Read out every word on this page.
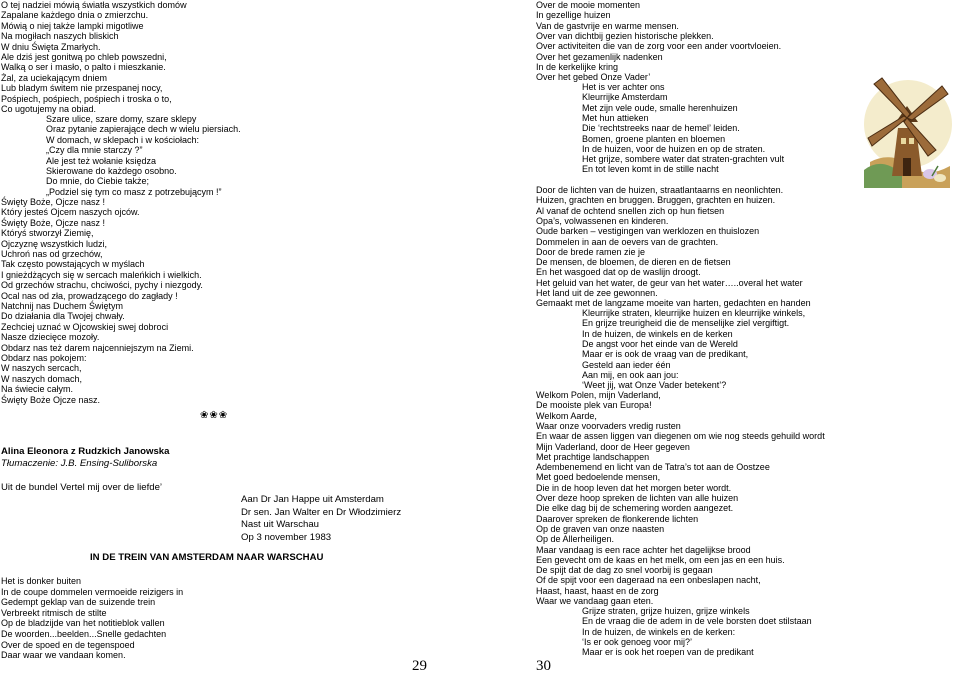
O tej nadziei mówią światła wszystkich domów
Zapalane każdego dnia o zmierzchu.
Mówią o niej także lampki migotliwe
Na mogiłach naszych bliskich
W dniu Święta Zmarłych.
Ale dziś jest gonitwą po chleb powszedni,
Walką o ser i masło, o palto i mieszkanie.
Żal, za uciekającym dniem
Lub bladym świtem nie przespanej nocy,
Pośpiech, pośpiech, pośpiech i troska o to,
Co ugotujemy na obiad.
Szare ulice, szare domy, szare sklepy
Oraz pytanie zapierające dech w wielu piersiach.
W domach, w sklepach i w kościołach:
„Czy dla mnie starczy ?”
Ale jest też wołanie księdza
Skierowane do każdego osobno.
Do mnie, do Ciebie także;
„Podziel się tym co masz z potrzebującym !”
Święty Boże, Ojcze nasz !
Który jesteś Ojcem naszych ojców.
Święty Boże, Ojcze nasz !
Któryś stworzył Ziemię,
Ojczyznę wszystkich ludzi,
Uchroń nas od grzechów,
Tak często powstających w myślach
I gnieżdżących się w sercach maleńkich i wielkich.
Od grzechów strachu, chciwości, pychy i niezgody.
Ocal nas od zła, prowadzącego do zagłady !
Natchnij nas Duchem Świętym
Do działania dla Twojej chwały.
Zechciej uznać w Ojcowskiej swej dobroci
Nasze dziecięce mozoły.
Obdarz nas też darem najcenniejszym na Ziemi.
Obdarz nas pokojem:
W naszych sercach,
W naszych domach,
Na świecie całym.
Święty Boże Ojcze nasz.
❀❀❀
Alina Eleonora z Rudzkich Janowska
Tłumaczenie: J.B. Ensing-Suliborska
Uit de bundel Vertel mij over de liefde’
Aan Dr Jan Happe uit Amsterdam
Dr sen. Jan Walter en Dr Włodzimierz
Nast uit Warschau
Op 3 november 1983
IN DE TREIN VAN AMSTERDAM NAAR WARSCHAU
Het is donker buiten
In de coupe dommelen vermoeide reizigers in
Gedempt geklap van de suizende trein
Verbreekt ritmisch de stilte
Op de bladzijde van het notitieblok vallen
De woorden...beelden...Snelle gedachten
Over de spoed en de tegenspoed
Daar waar we vandaan komen.
29
Over de mooie momenten
In gezellige huizen
Van de gastvrije en warme mensen.
Over van dichtbij gezien historische plekken.
Over activiteiten die van de zorg voor een ander voortvloeien.
Over het gezamenlijk nadenken
In de kerkelijke kring
Over het gebed Onze Vader’
Het is ver achter ons
Kleurrijke Amsterdam
Met zijn vele oude, smalle herenhuizen
Met hun attieken
Die ‘rechtstreeks naar de hemel’ leiden.
Bomen, groene planten en bloemen
In de huizen, voor de huizen en op de straten.
Het grijze, sombere water dat straten-grachten vult
En tot leven komt in de stille nacht
Door de lichten van de huizen, straatlantaarns en neonlichten.
Huizen, grachten en bruggen. Bruggen, grachten en huizen.
Al vanaf de ochtend snellen zich op hun fietsen
Opa’s, volwassenen en kinderen.
Oude barken – vestigingen van werklozen en thuislozen
Dommelen in aan de oevers van de grachten.
Door de brede ramen zie je
De mensen, de bloemen, de dieren en de fietsen
En het wasgoed dat op de waslijn droogt.
Het geluid van het water, de geur van het water…..overal het water
Het land uit de zee gewonnen.
Gemaakt met de langzame moeite van harten, gedachten en handen
Kleurrijke straten, kleurrijke huizen en kleurrijke winkels,
En grijze treurigheid die de menselijke ziel vergiftigt.
In de huizen, de winkels en de kerken
De angst voor het einde van de Wereld
Maar er is ook de vraag van de predikant,
Gesteld aan ieder één
Aan mij, en ook aan jou:
‘Weet jij, wat Onze Vader betekent’?
Welkom Polen, mijn Vaderland,
De mooiste plek van Europa!
Welkom Aarde,
Waar onze voorvaders vredig rusten
En waar de assen liggen van diegenen om wie nog steeds gehuild wordt
Mijn Vaderland, door de Heer gegeven
Met prachtige landschappen
Adembenemend en licht van de Tatra’s tot aan de Oostzee
Met goed bedoelende mensen,
Die in de hoop leven dat het morgen beter wordt.
Over deze hoop spreken de lichten van alle huizen
Die elke dag bij de schemering worden aangezet.
Daarover spreken de flonkerende lichten
Op de graven van onze naasten
Op de Allerheiligen.
Maar vandaag is een race achter het dagelijkse brood
Een gevecht om de kaas en het melk, om een jas en een huis.
De spijt dat de dag zo snel voorbij is gegaan
Of de spijt voor een dageraad na een onbeslapen nacht,
Haast, haast, haast en de zorg
Waar we vandaag gaan eten.
Grijze straten, grijze huizen, grijze winkels
En de vraag die de adem in de vele borsten doet stilstaan
In de huizen, de winkels en de kerken:
‘Is er ook genoeg voor mij?’
Maar er is ook het roepen van de predikant
30
